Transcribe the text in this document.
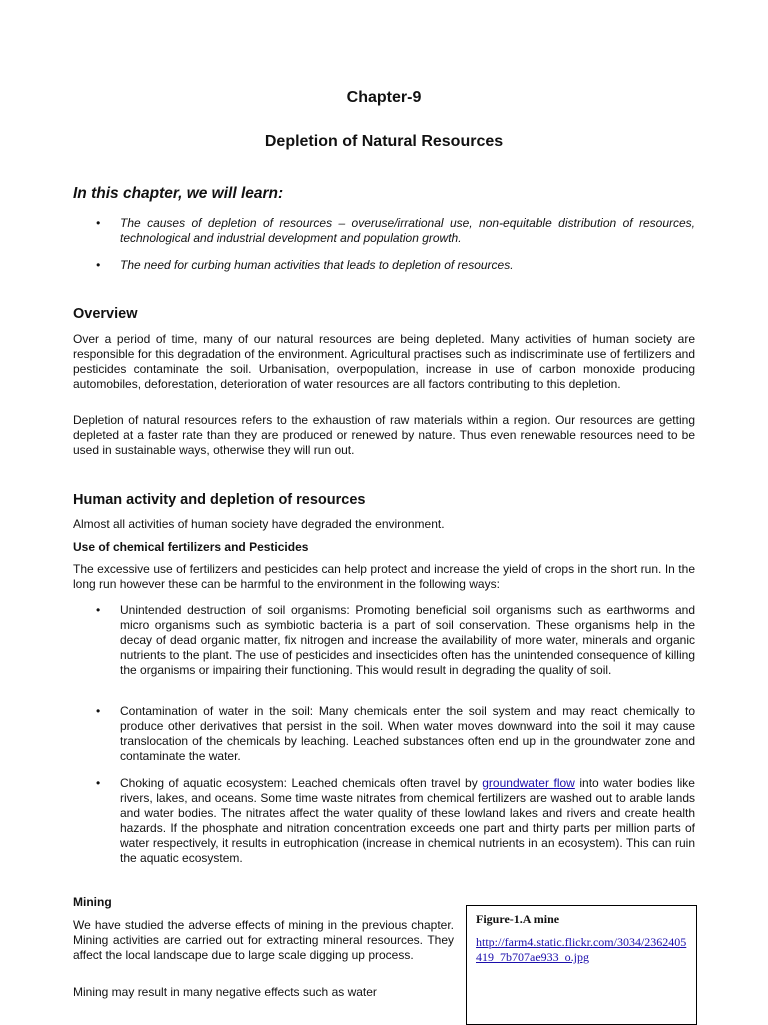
Chapter-9
Depletion of Natural Resources
In this chapter, we will learn:
• The causes of depletion of resources – overuse/irrational use, non-equitable distribution of resources, technological and industrial development and population growth.
• The need for curbing human activities that leads to depletion of resources.
Overview

Over a period of time, many of our natural resources are being depleted. Many activities of human society are responsible for this degradation of the environment. Agricultural practises such as indiscriminate use of fertilizers and pesticides contaminate the soil. Urbanisation, overpopulation, increase in use of carbon monoxide producing automobiles, deforestation, deterioration of water resources are all factors contributing to this depletion.

Depletion of natural resources refers to the exhaustion of raw materials within a region. Our resources are getting depleted at a faster rate than they are produced or renewed by nature. Thus even renewable resources need to be used in sustainable ways, otherwise they will run out.

Human activity and depletion of resources

Almost all activities of human society have degraded the environment.

Use of chemical fertilizers and Pesticides

The excessive use of fertilizers and pesticides can help protect and increase the yield of crops in the short run. In the long run however these can be harmful to the environment in the following ways:

• Unintended destruction of soil organisms: Promoting beneficial soil organisms such as earthworms and micro organisms such as symbiotic bacteria is a part of soil conservation. These organisms help in the decay of dead organic matter, fix nitrogen and increase the availability of more water, minerals and organic nutrients to the plant. The use of pesticides and insecticides often has the unintended consequence of killing the organisms or impairing their functioning. This would result in degrading the quality of soil.
• Contamination of water in the soil: Many chemicals enter the soil system and may react chemically to produce other derivatives that persist in the soil. When water moves downward into the soil it may cause translocation of the chemicals by leaching. Leached substances often end up in the groundwater zone and contaminate the water.
• Choking of aquatic ecosystem: Leached chemicals often travel by groundwater flow into water bodies like rivers, lakes, and oceans. Some time waste nitrates from chemical fertilizers are washed out to arable lands and water bodies. The nitrates affect the water quality of these lowland lakes and rivers and create health hazards. If the phosphate and nitration concentration exceeds one part and thirty parts per million parts of water respectively, it results in eutrophication (increase in chemical nutrients in an ecosystem). This can ruin the aquatic ecosystem.
Mining

We have studied the adverse effects of mining in the previous chapter. Mining activities are carried out for extracting mineral resources. They affect the local landscape due to large scale digging up process.

Mining may result in many negative effects such as water

Figure-1.A mine
http://farm4.static.flickr.com/3034/2362405419_7b707ae933_o.jpg
